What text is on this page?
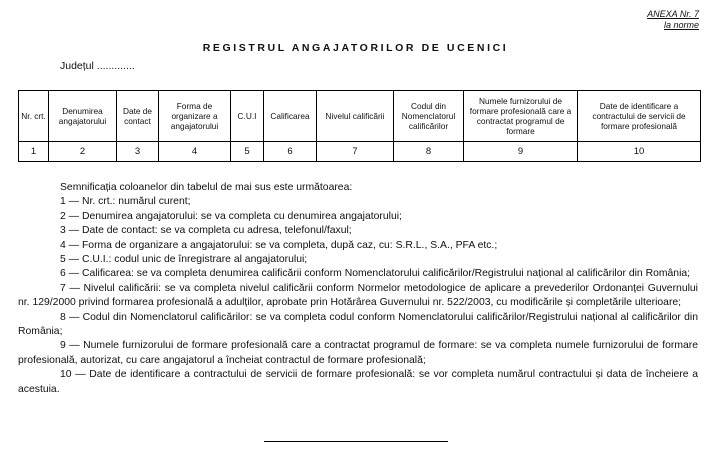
ANEXA Nr. 7
la norme
REGISTRUL ANGAJATORILOR DE UCENICI
Județul .............
Nr. crt.	Denumirea angajatorului	Date de contact	Forma de organizare a angajatorului	C.U.I	Calificarea	Nivelul calificării	Codul din Nomenclatorul calificărilor	Numele furnizorului de formare profesională care a contractat programul de formare	Date de identificare a contractului de servicii de formare profesională
1	2	3	4	5	6	7	8	9	10

Semnificația coloanelor din tabelul de mai sus este următoarea:

1 — Nr. crt.: numărul curent;

2 — Denumirea angajatorului: se va completa cu denumirea angajatorului;

3 — Date de contact: se va completa cu adresa, telefonul/faxul;

4 — Forma de organizare a angajatorului: se va completa, după caz, cu: S.R.L., S.A., PFA etc.;

5 — C.U.I.: codul unic de înregistrare al angajatorului;

6 — Calificarea: se va completa denumirea calificării conform Nomenclatorului calificărilor/Registrului național al calificărilor din România;

7 — Nivelul calificării: se va completa nivelul calificării conform Normelor metodologice de aplicare a prevederilor Ordonanței Guvernului nr. 129/2000 privind formarea profesională a adulților, aprobate prin Hotărârea Guvernului nr. 522/2003, cu modificările și completările ulterioare;

8 — Codul din Nomenclatorul calificărilor: se va completa codul conform Nomenclatorului calificărilor/Registrului național al calificărilor din România;

9 — Numele furnizorului de formare profesională care a contractat programul de formare: se va completa numele furnizorului de formare profesională, autorizat, cu care angajatorul a încheiat contractul de formare profesională;

10 — Date de identificare a contractului de servicii de formare profesională: se vor completa numărul contractului și data de încheiere a acestuia.
